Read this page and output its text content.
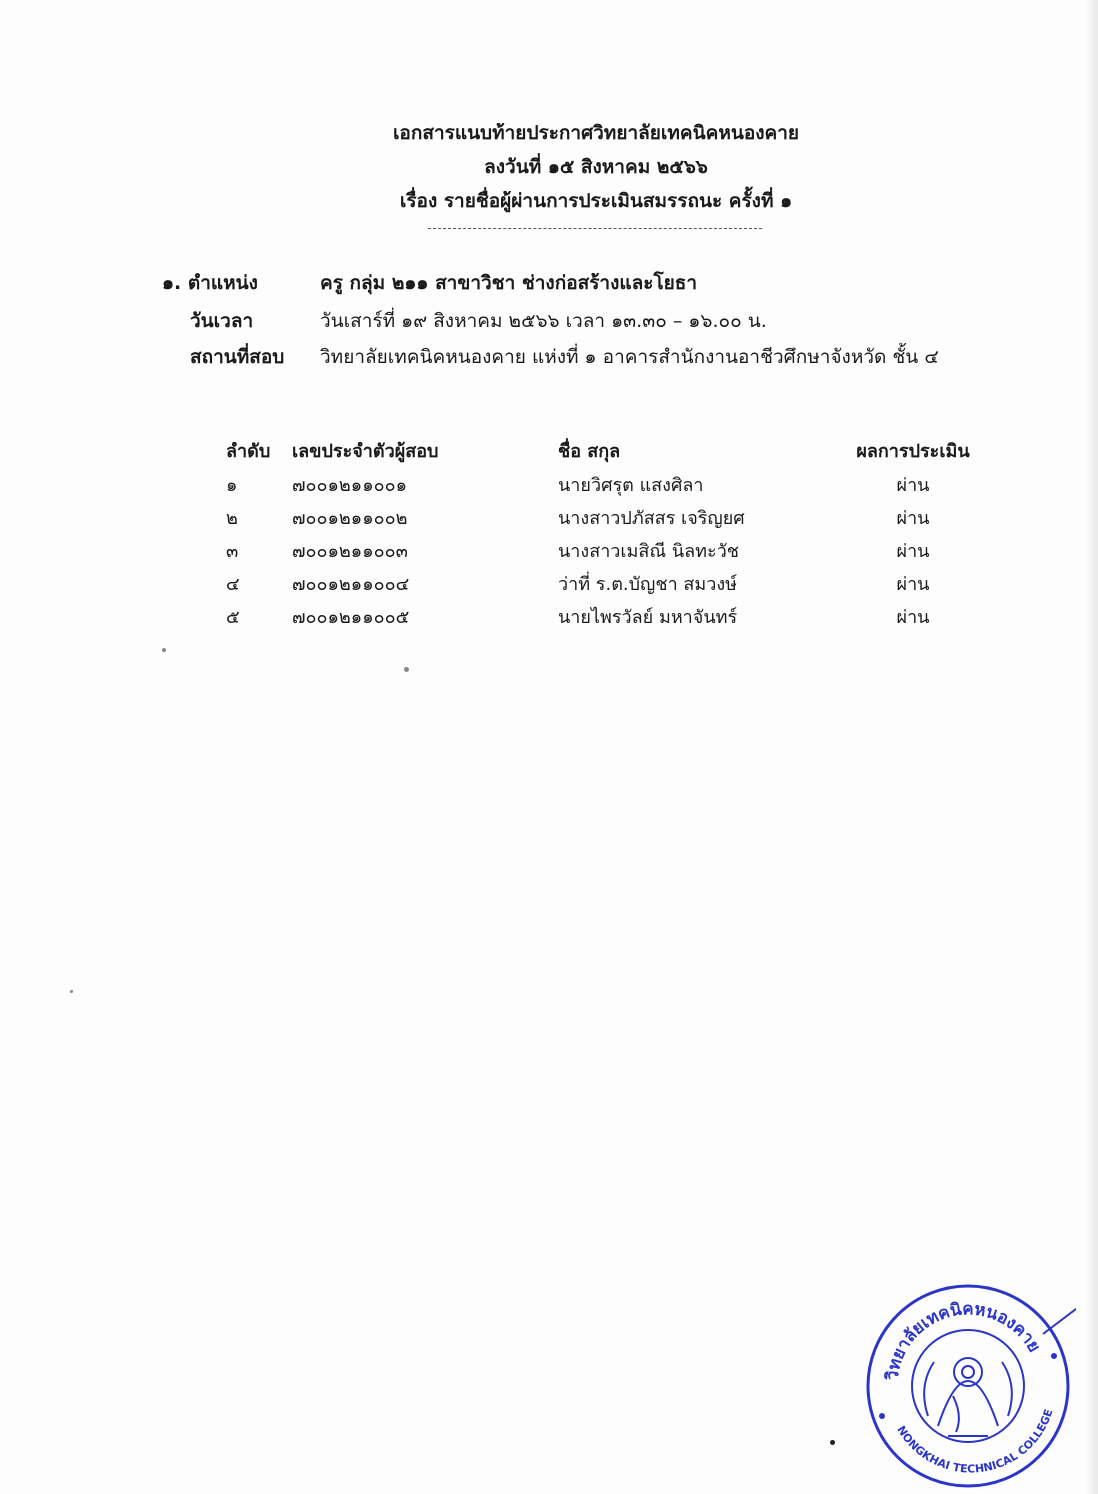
เอกสารแนบท้ายประกาศวิทยาลัยเทคนิคหนองคาย
ลงวันที่ ๑๕ สิงหาคม ๒๕๖๖
เรื่อง รายชื่อผู้ผ่านการประเมินสมรรถนะ ครั้งที่ ๑
๑. ตำแหน่ง	ครู กลุ่ม ๒๑๑ สาขาวิชา ช่างก่อสร้างและโยธา
วันเวลา	วันเสาร์ที่ ๑๙ สิงหาคม ๒๕๖๖ เวลา ๑๓.๓๐ – ๑๖.๐๐ น.
สถานที่สอบ วิทยาลัยเทคนิคหนองคาย แห่งที่ ๑ อาคารสำนักงานอาชีวศึกษาจังหวัด ชั้น ๔
ลำดับ	เลขประจำตัวผู้สอบ	ชื่อ สกุล	ผลการประเมิน
๑	๗๐๐๑๒๑๑๐๐๑	นายวิศรุต แสงศิลา	ผ่าน
๒	๗๐๐๑๒๑๑๐๐๒	นางสาวปภัสสร เจริญยศ	ผ่าน
๓	๗๐๐๑๒๑๑๐๐๓	นางสาวเมสิณี นิลทะวัช	ผ่าน
๔	๗๐๐๑๒๑๑๐๐๔	ว่าที่ ร.ต.บัญชา สมวงษ์	ผ่าน
๕	๗๐๐๑๒๑๑๐๐๕	นายไพรวัลย์ มหาจันทร์	ผ่าน
วิทยาลัยเทคนิคหนองคาย
NONGKHAI TECHNICAL COLLEGE
